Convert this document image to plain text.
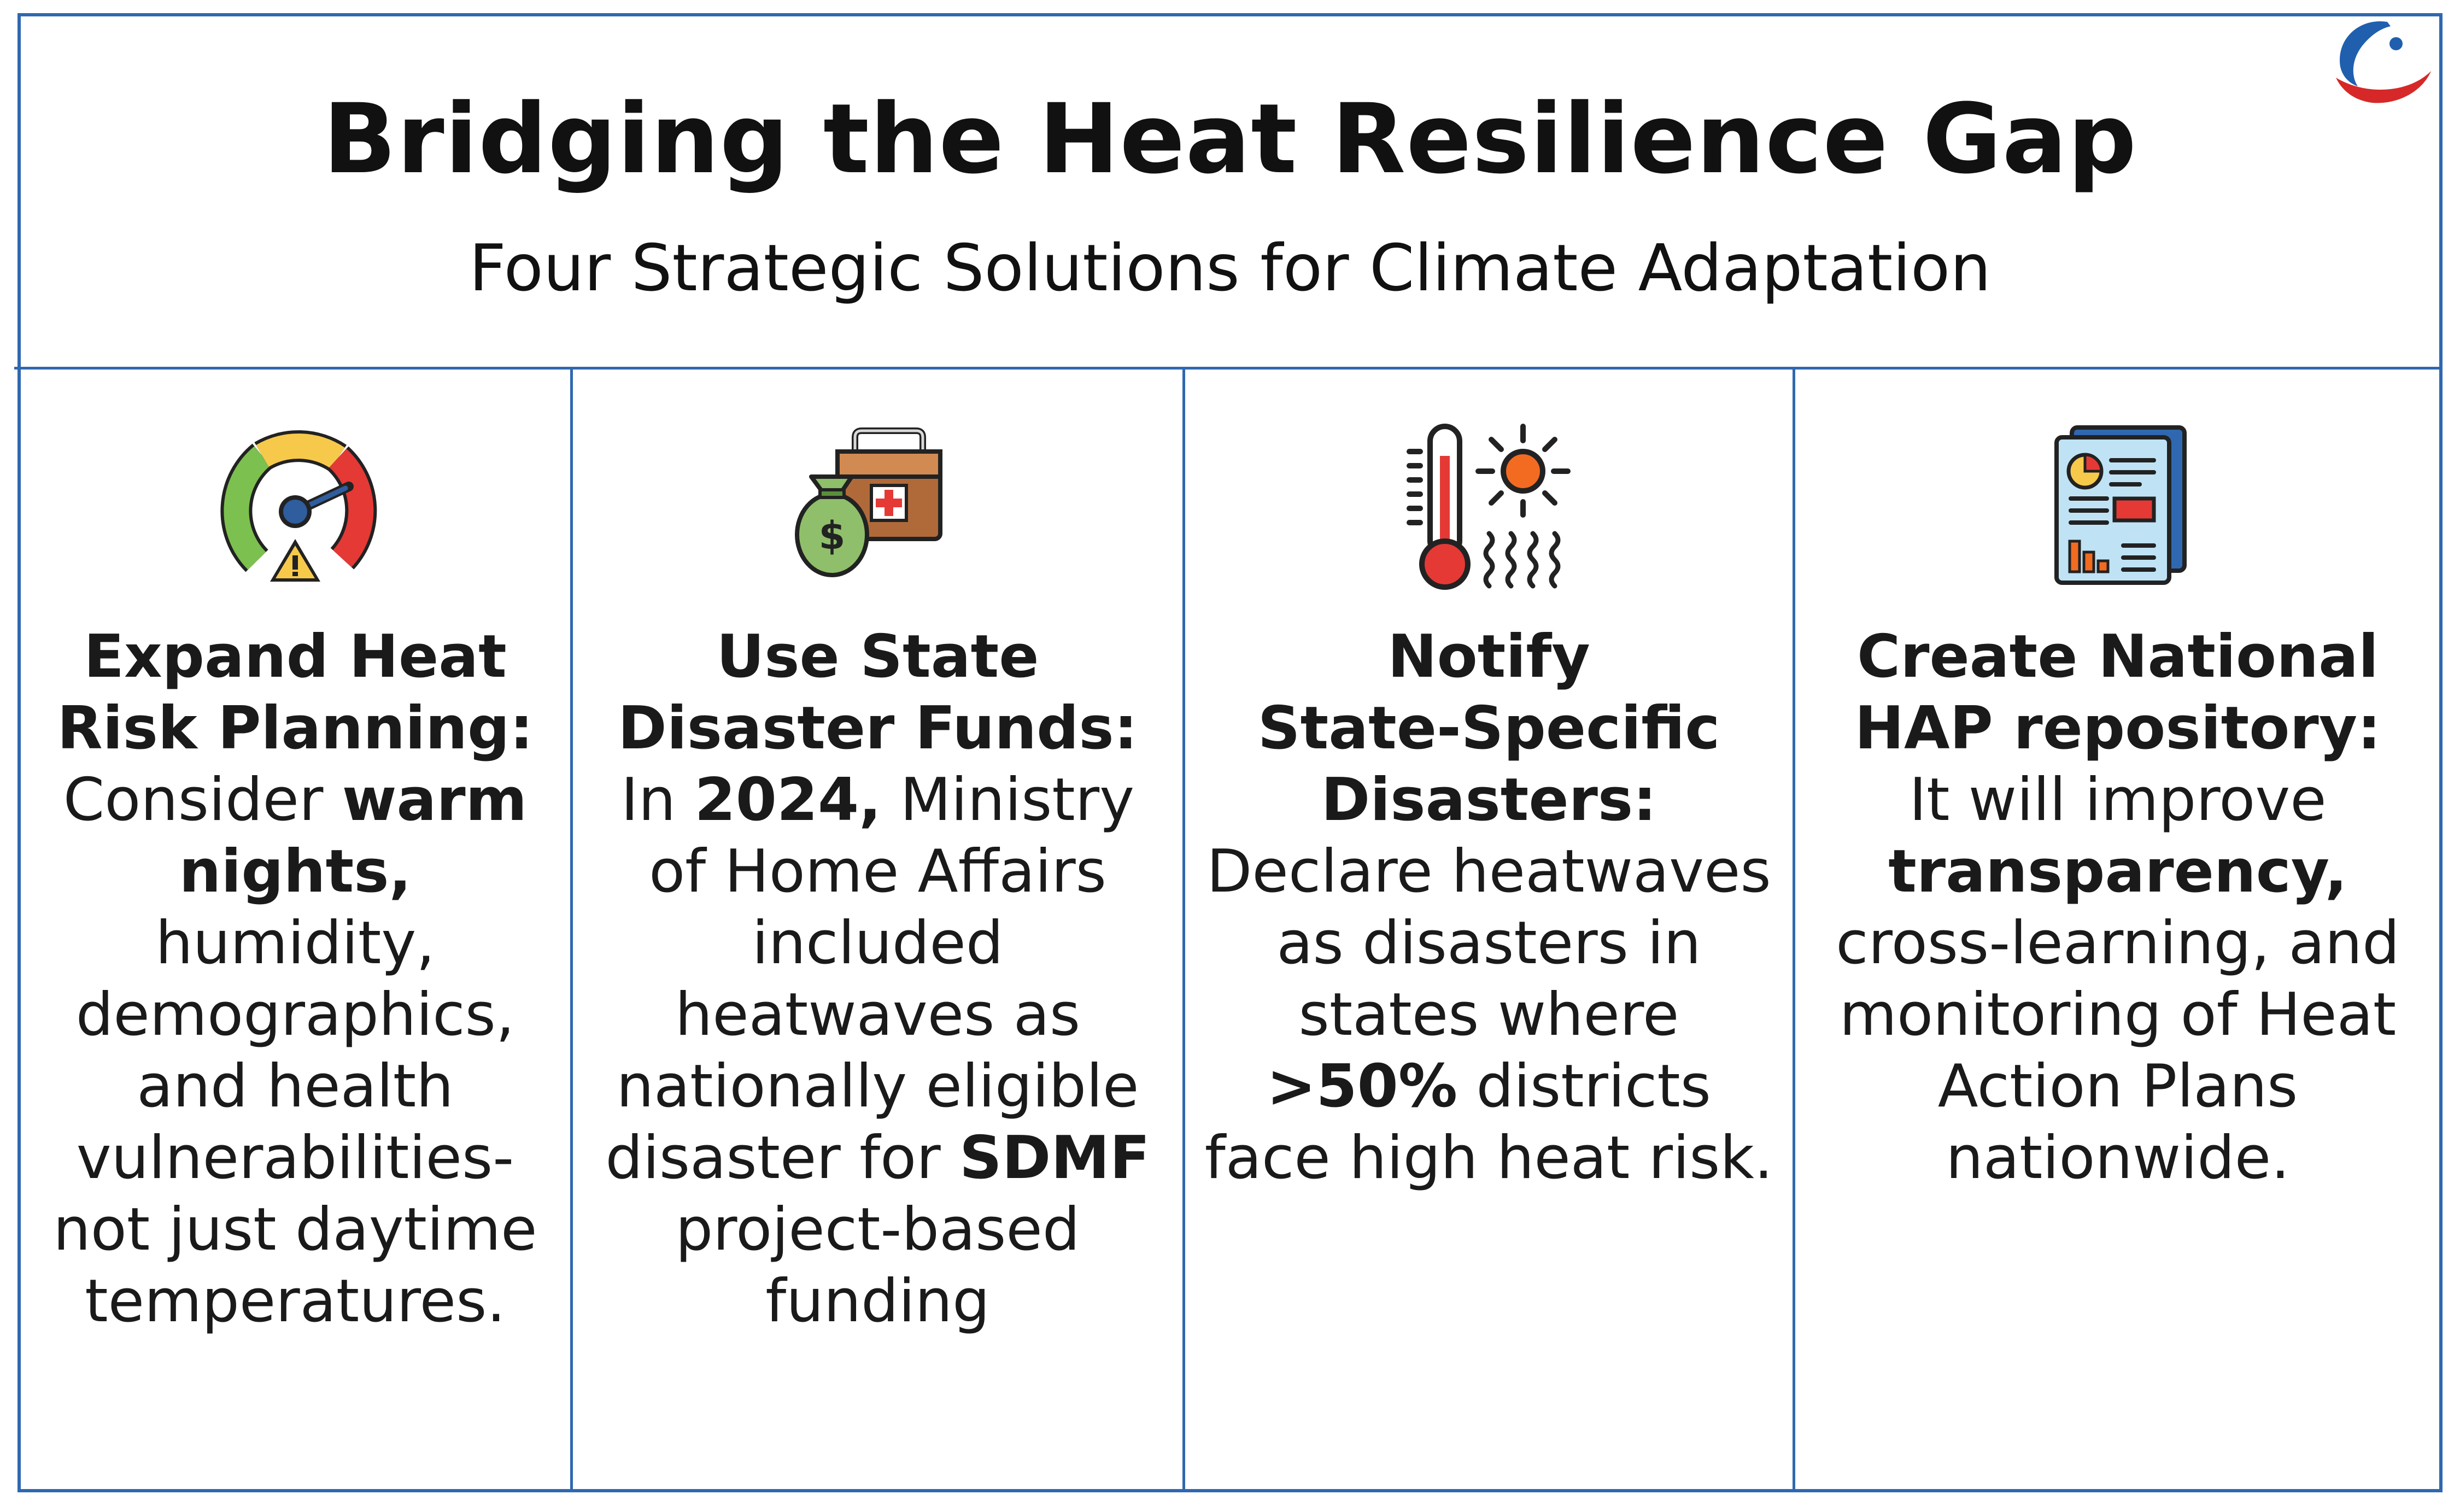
Bridging the Heat Resilience Gap
Four Strategic Solutions for Climate Adaptation
Expand Heat
Risk Planning:
Consider warm
nights,
humidity, demographics, and health vulnerabilities- not just daytime temperatures.
$
Use State
Disaster Funds:
In 2024, Ministry of Home Affairs included heatwaves as nationally eligible disaster for SDMF project-based funding
Notify
State-Specific
Disasters:
Declare heatwaves as disasters in states where >50% districts face high heat risk.
Create National
HAP repository:
It will improve transparency, cross-learning, and monitoring of Heat Action Plans nationwide.
